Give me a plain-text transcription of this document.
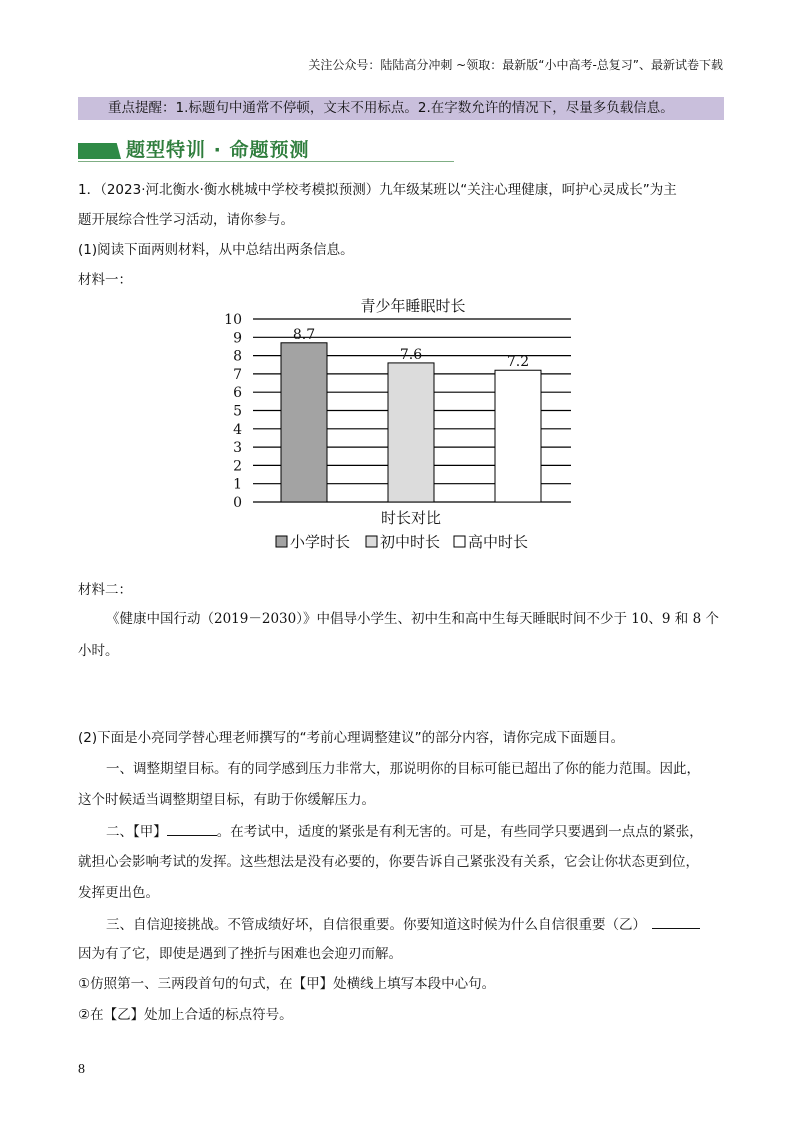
关注公众号：陆陆高分冲刺 ~领取：最新版“小中高考-总复习”、最新试卷下载
重点提醒：1.标题句中通常不停顿，文末不用标点。2.在字数允许的情况下，尽量多负载信息。
题型特训 · 命题预测
1．（2023·河北衡水·衡水桃城中学校考模拟预测）九年级某班以“关注心理健康，呵护心灵成长”为主
题开展综合性学习活动，请你参与。
(1)阅读下面两则材料，从中总结出两条信息。
材料一：
青少年睡眠时长
0
1
2
3
4
5
6
7
8
9
10
8.7
7.6	7.2
时长对比
小学时长 初中时长 高中时长
材料二：
《健康中国行动（2019－2030）》中倡导小学生、初中生和高中生每天睡眠时间不少于 10、9 和 8 个
小时。
(2)下面是小亮同学替心理老师撰写的“考前心理调整建议”的部分内容，请你完成下面题目。
一、调整期望目标。有的同学感到压力非常大，那说明你的目标可能已超出了你的能力范围。因此，
这个时候适当调整期望目标，有助于你缓解压力。
二、【甲】	。在考试中，适度的紧张是有利无害的。可是，有些同学只要遇到一点点的紧张，
就担心会影响考试的发挥。这些想法是没有必要的，你要告诉自己紧张没有关系，它会让你状态更到位，
发挥更出色。
三、自信迎接挑战。不管成绩好坏，自信很重要。你要知道这时候为什么自信很重要（乙）
因为有了它，即使是遇到了挫折与困难也会迎刃而解。
①仿照第一、三两段首句的句式，在【甲】处横线上填写本段中心句。
②在【乙】处加上合适的标点符号。
8
